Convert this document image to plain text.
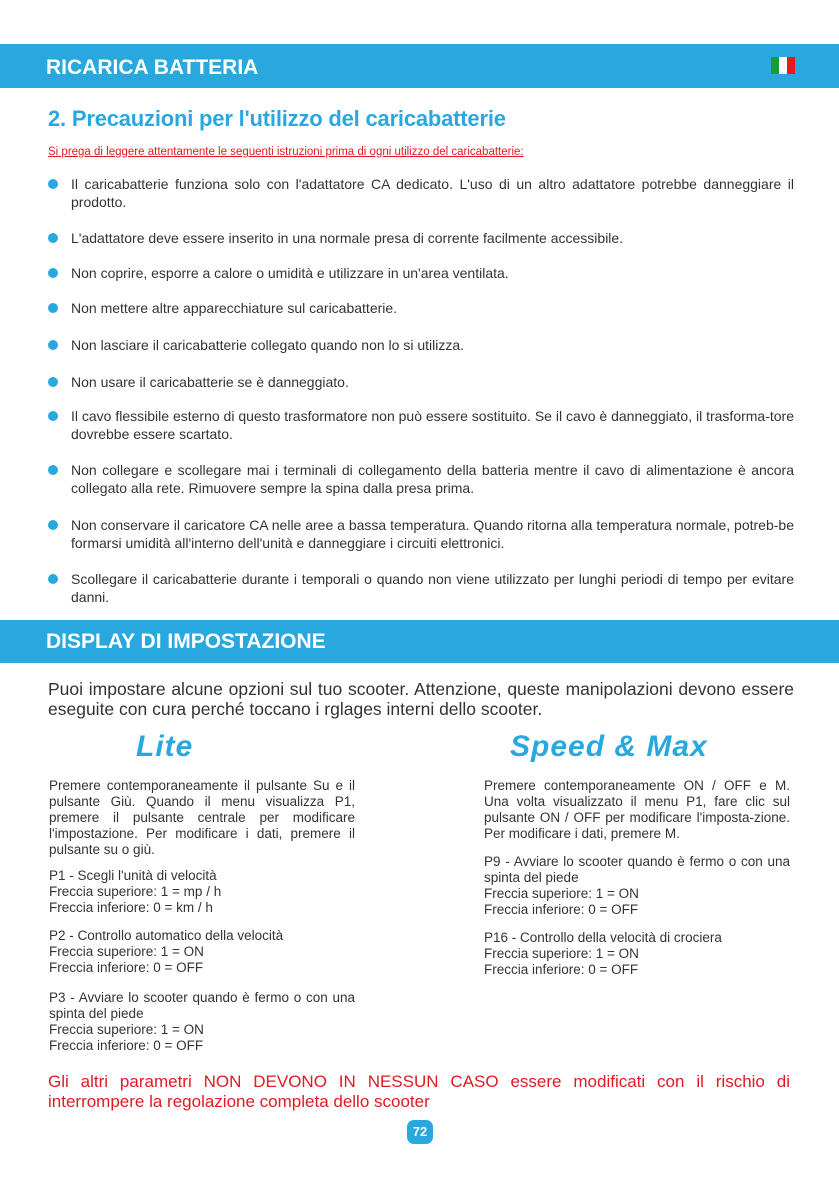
RICARICA BATTERIA
2. Precauzioni per l'utilizzo del caricabatterie
Si prega di leggere attentamente le seguenti istruzioni prima di ogni utilizzo del caricabatterie:
Il caricabatterie funziona solo con l'adattatore CA dedicato. L'uso di un altro adattatore potrebbe danneggiare il prodotto.
L'adattatore deve essere inserito in una normale presa di corrente facilmente accessibile.
Non coprire, esporre a calore o umidità e utilizzare in un'area ventilata.
Non mettere altre apparecchiature sul caricabatterie.
Non lasciare il caricabatterie collegato quando non lo si utilizza.
Non usare il caricabatterie se è danneggiato.
Il cavo flessibile esterno di questo trasformatore non può essere sostituito. Se il cavo è danneggiato, il trasforma-tore dovrebbe essere scartato.
Non collegare e scollegare mai i terminali di collegamento della batteria mentre il cavo di alimentazione è ancora collegato alla rete. Rimuovere sempre la spina dalla presa prima.
Non conservare il caricatore CA nelle aree a bassa temperatura. Quando ritorna alla temperatura normale, potreb-be formarsi umidità all'interno dell'unità e danneggiare i circuiti elettronici.
Scollegare il caricabatterie durante i temporali o quando non viene utilizzato per lunghi periodi di tempo per evitare danni.
DISPLAY DI IMPOSTAZIONE
Puoi impostare alcune opzioni sul tuo scooter. Attenzione, queste manipolazioni devono essere eseguite con cura perché toccano i rglages interni dello scooter.
Lite	Speed & Max
Premere contemporaneamente il pulsante Su e il pulsante Giù. Quando il menu visualizza P1, premere il pulsante centrale per modificare l'impostazione. Per modificare i dati, premere il pulsante su o giù.

P1 - Scegli l'unità di velocità

Freccia superiore: 1 = mp / h

Freccia inferiore: 0 = km / h

P2 - Controllo automatico della velocità

Freccia superiore: 1 = ON

Freccia inferiore: 0 = OFF

P3 - Avviare lo scooter quando è fermo o con una spinta del piede

Freccia superiore: 1 = ON

Freccia inferiore: 0 = OFF

Premere contemporaneamente ON / OFF e M. Una volta visualizzato il menu P1, fare clic sul pulsante ON / OFF per modificare l'imposta-zione. Per modificare i dati, premere M.

P9 - Avviare lo scooter quando è fermo o con una spinta del piede

Freccia superiore: 1 = ON

Freccia inferiore: 0 = OFF

P16 - Controllo della velocità di crociera

Freccia superiore: 1 = ON

Freccia inferiore: 0 = OFF

Gli altri parametri NON DEVONO IN NESSUN CASO essere modificati con il rischio di interrompere la regolazione completa dello scooter
72
